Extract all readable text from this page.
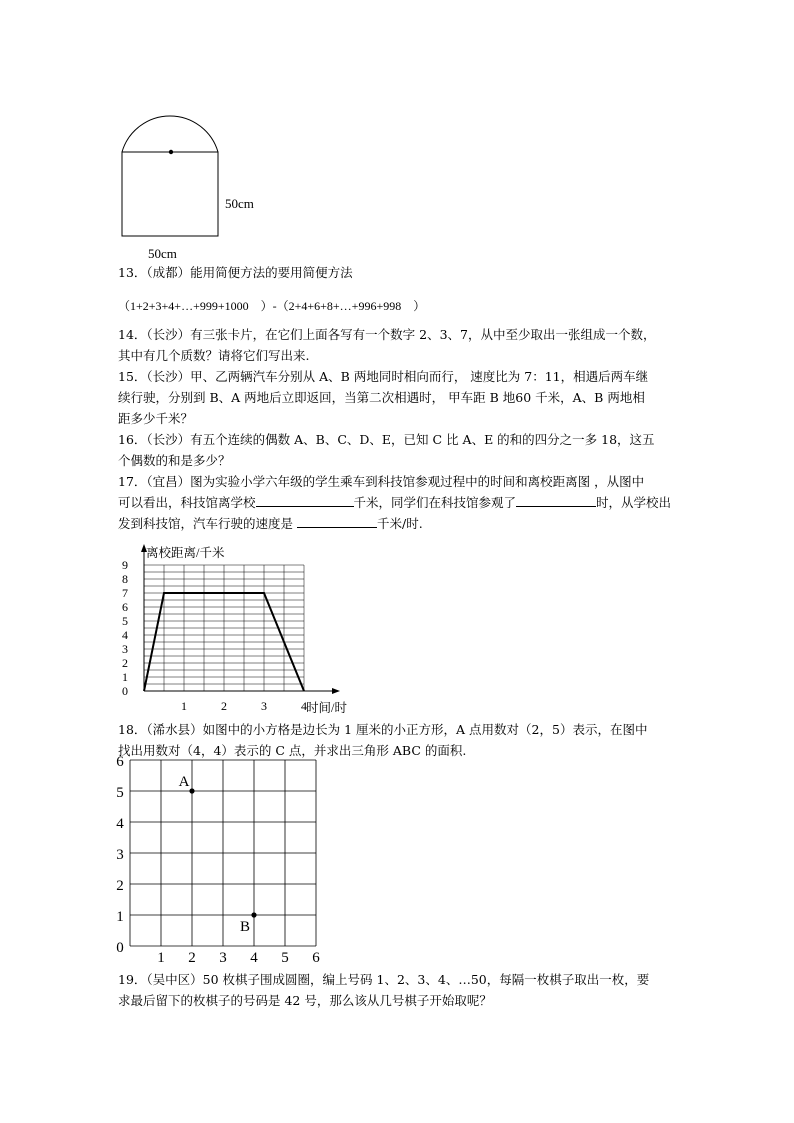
50cm
50cm
13．（成都）能用简便方法的要用简便方法
（1+2+3+4+…+999+1000　）-（2+4+6+8+…+996+998　）
14．（长沙）有三张卡片，在它们上面各写有一个数字 2、3、7，从中至少取出一张组成一个数，
其中有几个质数？请将它们写出来.
15．（长沙）甲、乙两辆汽车分别从 A、B 两地同时相向而行， 速度比为 7：11，相遇后两车继
续行驶，分别到 B、A 两地后立即返回，当第二次相遇时， 甲车距 B 地60 千米，A、B 两地相
距多少千米？
16．（长沙）有五个连续的偶数 A、B、C、D、E，已知 C 比 A、E 的和的四分之一多 18，这五
个偶数的和是多少？
17．（宜昌）图为实验小学六年级的学生乘车到科技馆参观过程中的时间和离校距离图 ，从图中
可以看出，科技馆离学校	千米，同学们在科技馆参观了	时，从学校出
发到科技馆，汽车行驶的速度是	千米/时.
0
1
2
3
4
5
6
7
8
9
1	2	3	4
离校距离/千米
时间/时
18．（浠水县）如图中的小方格是边长为 1 厘米的小正方形，A 点用数对（2，5）表示，在图中
找出用数对（4，4）表示的 C 点，并求出三角形 ABC 的面积.
0
1
2
3
4
5
6
1 2 3 4 5 6
A
B
19．（吴中区）50 枚棋子围成圆圈，编上号码 1、2、3、4、…50，每隔一枚棋子取出一枚，要
求最后留下的枚棋子的号码是 42 号，那么该从几号棋子开始取呢？
